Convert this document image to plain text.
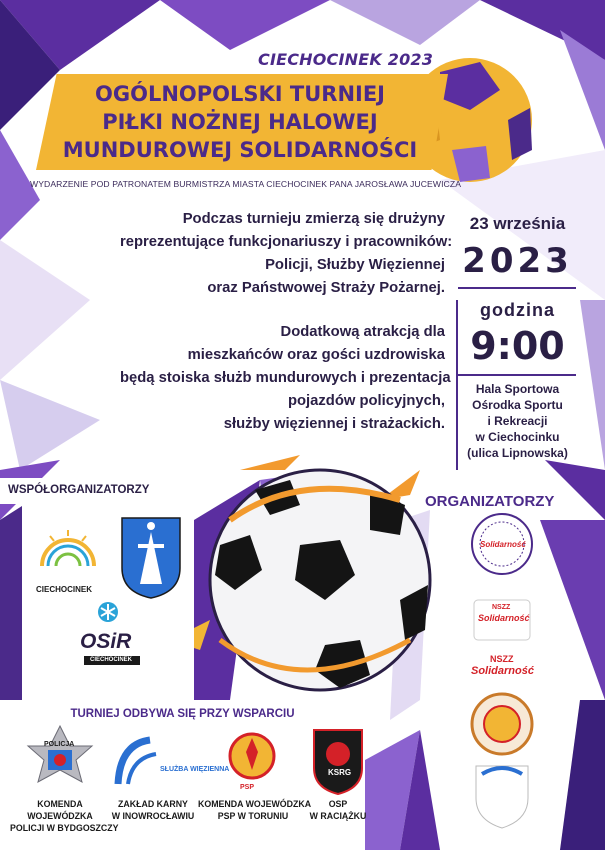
CIECHOCINEK 2023
OGÓLNOPOLSKI TURNIEJ
PIŁKI NOŻNEJ HALOWEJ
MUNDUROWEJ SOLIDARNOŚCI
WYDARZENIE POD PATRONATEM BURMISTRZA MIASTA CIECHOCINEK PANA JAROSŁAWA JUCEWICZA
Podczas turnieju zmierzą się drużyny
reprezentujące funkcjonariuszy i pracowników:
Policji, Służby Więziennej
oraz Państwowej Straży Pożarnej.
Dodatkową atrakcją dla
mieszkańców oraz gości uzdrowiska
będą stoiska służb mundurowych i prezentacja
pojazdów policyjnych,
służby więziennej i strażackich.
23 września
2023
godzina
9:00
Hala Sportowa
Ośrodka Sportu
i Rekreacji
w Ciechocinku
(ulica Lipnowska)
WSPÓŁORGANIZATORZY
CIECHOCINEK
OSiR
CIECHOCINEK
ORGANIZATORZY
Solidarność
NSZZ
Solidarność
NSZZ
Solidarność
TURNIEJ ODBYWA SIĘ PRZY WSPARCIU
POLICJA
SŁUŻBA WIĘZIENNA
PSP
KSRG
KOMENDA
WOJEWÓDZKA
POLICJI W BYDGOSZCZY
ZAKŁAD KARNY
W INOWROCŁAWIU
KOMENDA WOJEWÓDZKA
PSP W TORUNIU
OSP
W RACIĄŻKU
